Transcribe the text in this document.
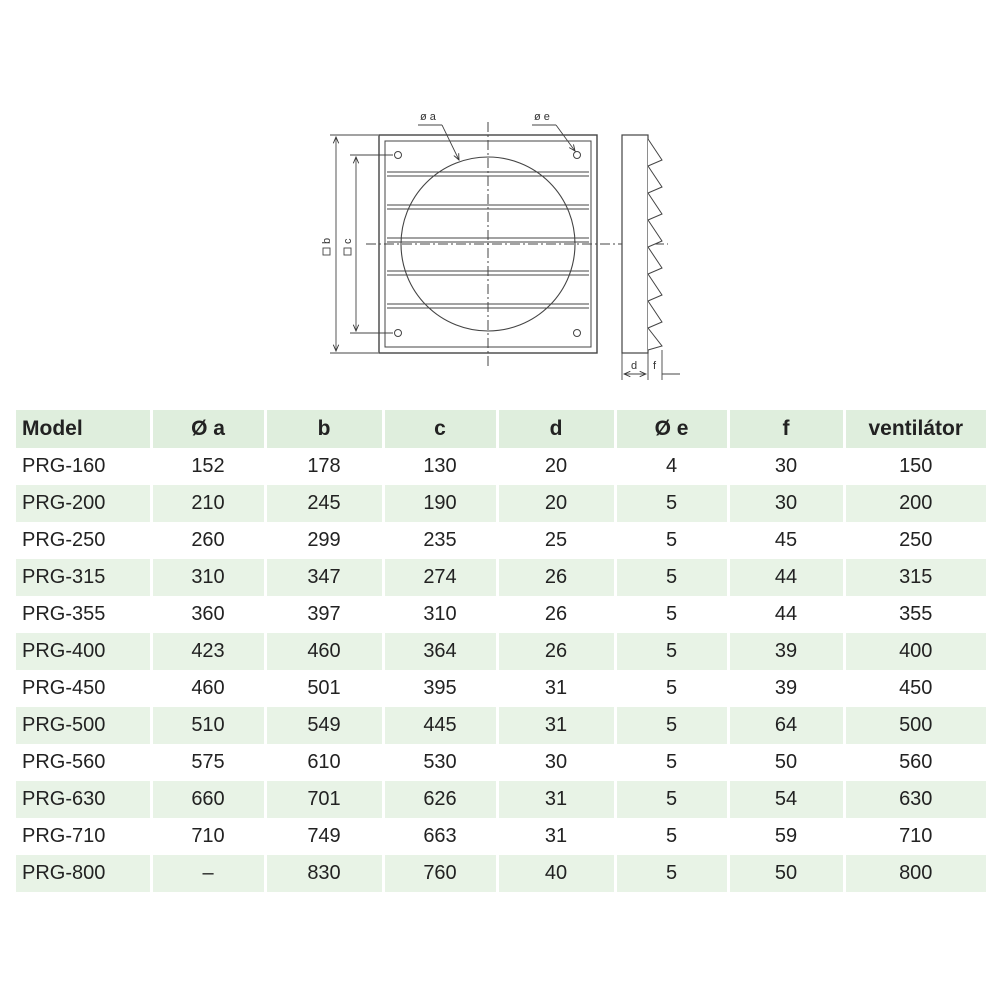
ø a	ø e
b c
d f
Model	Ø a	b	c	d	Ø e	f	ventilátor
PRG-160	152	178	130	20	4	30	150
PRG-200	210	245	190	20	5	30	200
PRG-250	260	299	235	25	5	45	250
PRG-315	310	347	274	26	5	44	315
PRG-355	360	397	310	26	5	44	355
PRG-400	423	460	364	26	5	39	400
PRG-450	460	501	395	31	5	39	450
PRG-500	510	549	445	31	5	64	500
PRG-560	575	610	530	30	5	50	560
PRG-630	660	701	626	31	5	54	630
PRG-710	710	749	663	31	5	59	710
PRG-800	–	830	760	40	5	50	800
